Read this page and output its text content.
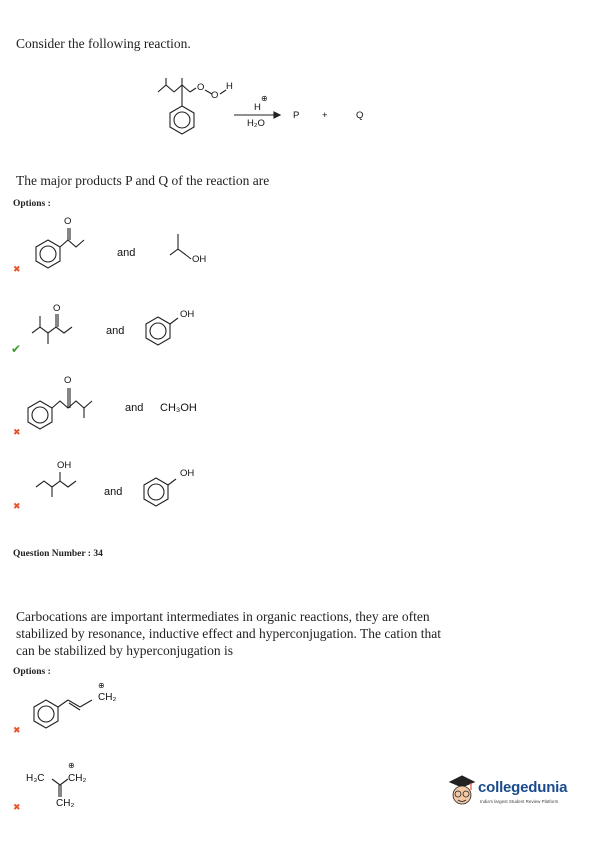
Consider the following reaction.
O
O
H
H
⊕
H₂O
P +	Q
The major products P and Q of the reaction are
Options :
O
and
OH
✖
O
and
OH
✔
O
and CH₃OH
✖
OH
and
OH
✖
Question Number : 34
Carbocations are important intermediates in organic reactions, they are often
stabilized by resonance, inductive effect and hyperconjugation. The cation that
can be stabilized by hyperconjugation is
Options :
CH₂
⊕
✖
H₃C CH₂
⊕
CH₂
✖
collegedunia
India's largest Student Review Platform
